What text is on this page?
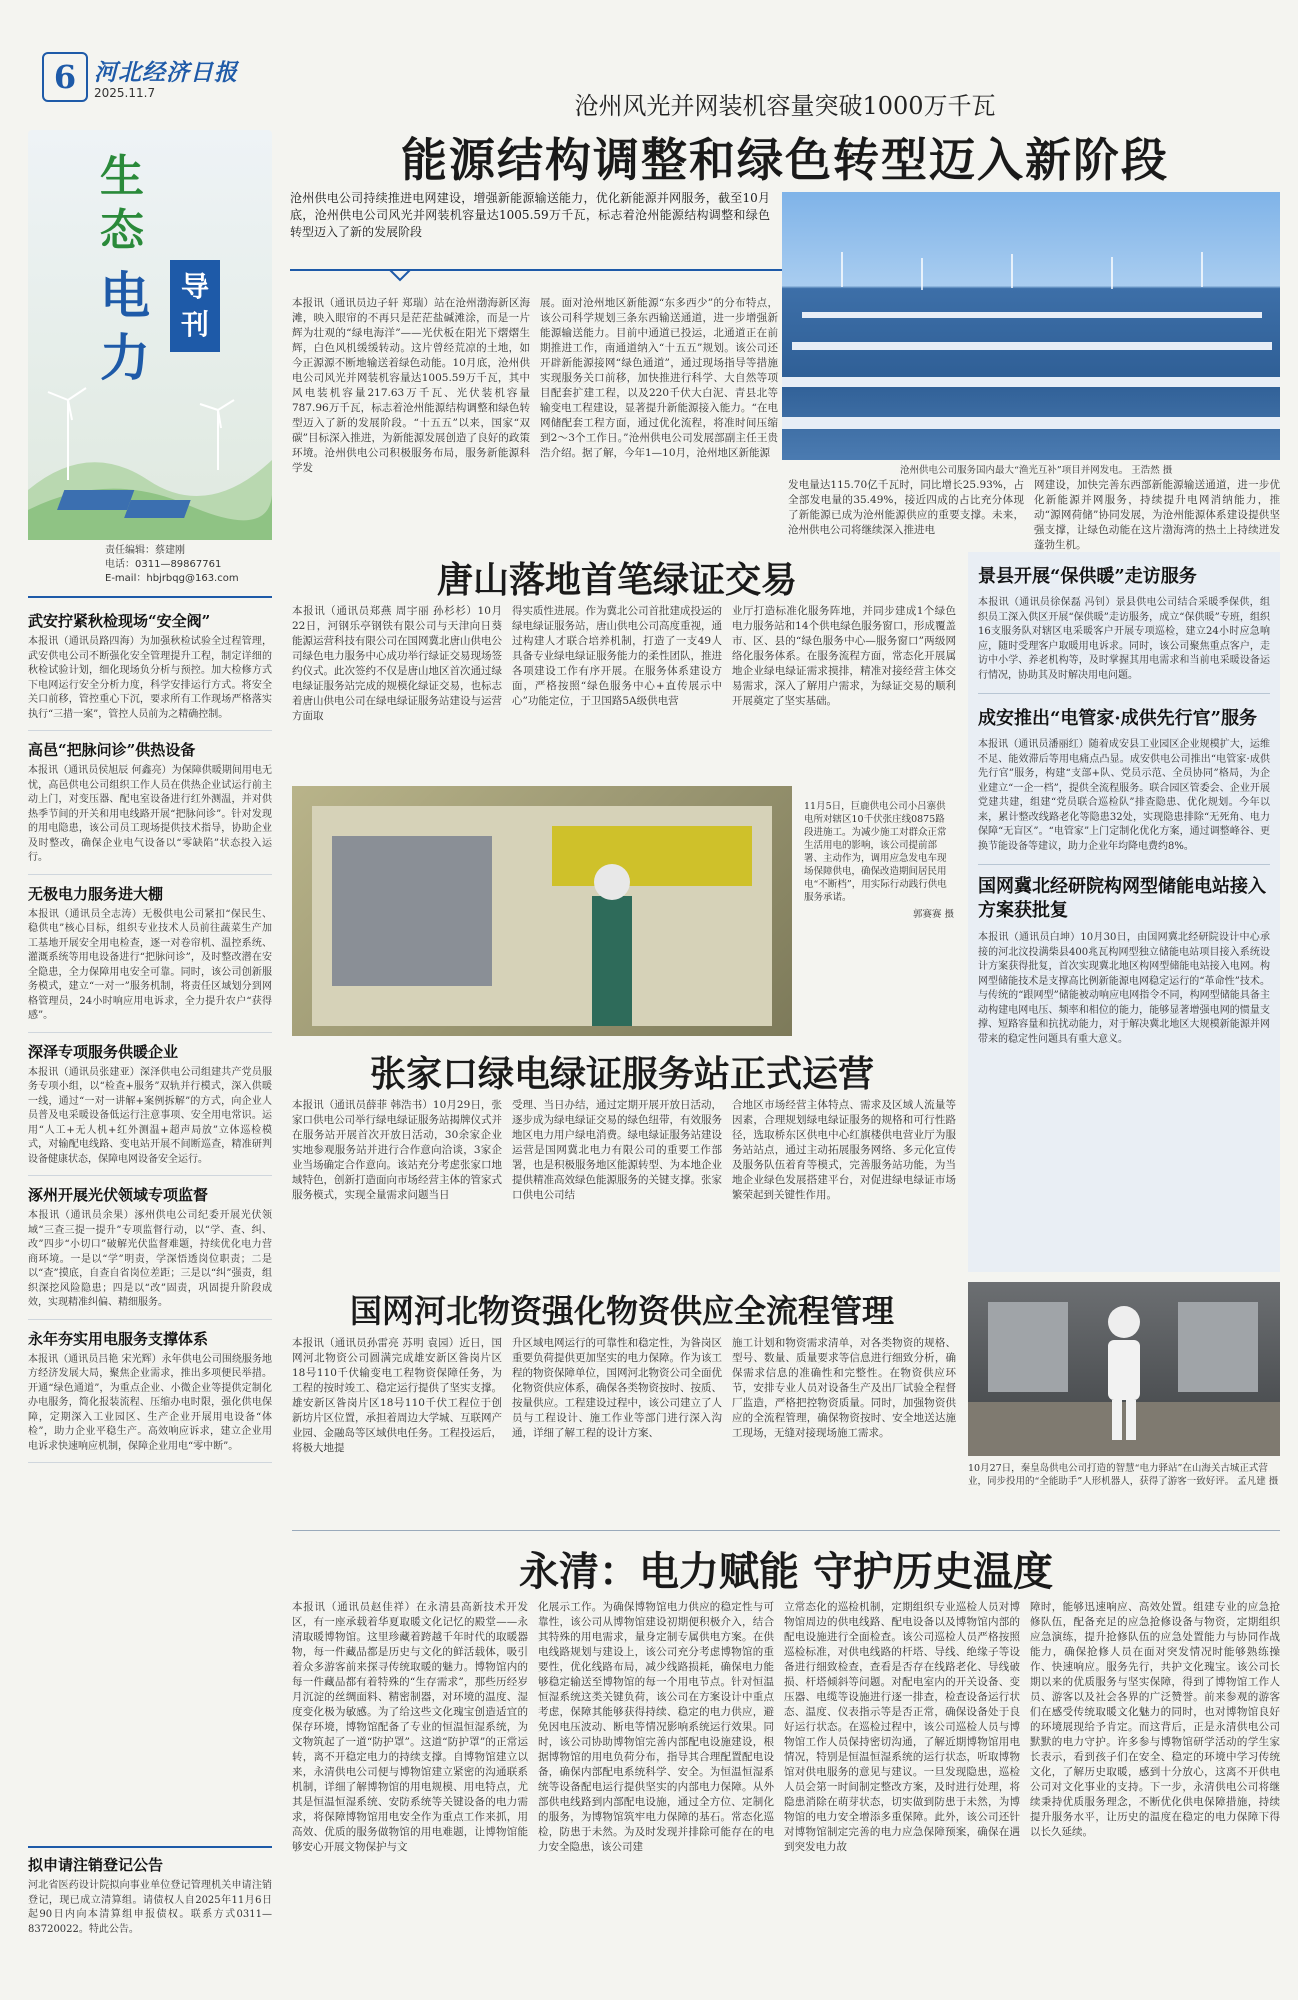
6 河北经济日报
2025.11.7
生
态
电
力
导刊
责任编辑：蔡建刚
电话：0311—89867761
E-mail：hbjrbqg@163.com
武安拧紧秋检现场“安全阀”
本报讯（通讯员路四海）为加强秋检试验全过程管理，武安供电公司不断强化安全管理提升工程，制定详细的秋检试验计划，细化现场负分析与预控。加大检修方式下电网运行安全分析力度，科学安排运行方式。将安全关口前移，管控重心下沉，要求所有工作现场严格落实执行“三措一案”，管控人员前为之精确控制。
高邑“把脉问诊”供热设备
本报讯（通讯员侯旭辰 何鑫亮）为保障供暖期间用电无忧，高邑供电公司组织工作人员在供热企业试运行前主动上门，对变压器、配电室设备进行红外测温，并对供热季节间的开关和用电线路开展“把脉问诊”。针对发现的用电隐患，该公司员工现场提供技术指导，协助企业及时整改，确保企业电气设备以“零缺陷”状态投入运行。
无极电力服务进大棚
本报讯（通讯员全志涛）无极供电公司紧扣“保民生、稳供电”核心目标，组织专业技术人员前往蔬菜生产加工基地开展安全用电检查，逐一对卷帘机、温控系统、灌溉系统等用电设备进行“把脉问诊”，及时整改潜在安全隐患，全力保障用电安全可靠。同时，该公司创新服务模式，建立“一对一”服务机制，将责任区域划分到网格管理员，24小时响应用电诉求，全力提升农户“获得感”。
深泽专项服务供暖企业
本报讯（通讯员张建亚）深泽供电公司组建共产党员服务专项小组，以“检查+服务”双轨并行模式，深入供暖一线，通过“一对一讲解+案例拆解”的方式，向企业人员普及电采暖设备低运行注意事项、安全用电常识。运用“人工+无人机+红外测温+超声局放”立体巡检模式，对输配电线路、变电站开展不间断巡查，精准研判设备健康状态，保障电网设备安全运行。
涿州开展光伏领域专项监督
本报讯（通讯员余果）涿州供电公司纪委开展光伏领域“三查三提一提升”专项监督行动，以“学、查、纠、改”四步“小切口”破解光伏监督难题，持续优化电力营商环境。一是以“学”明责，学深悟透岗位职责；二是以“查”摸底，自查自省岗位差距；三是以“纠”强责，组织深挖风险隐患；四是以“改”固责，巩固提升阶段成效，实现精准纠偏、精细服务。
永年夯实用电服务支撑体系
本报讯（通讯员吕艳 宋光辉）永年供电公司围绕服务地方经济发展大局，聚焦企业需求，推出多项便民举措。开通“绿色通道”，为重点企业、小微企业等提供定制化办电服务，简化报装流程、压缩办电时限，强化供电保障，定期深入工业园区、生产企业开展用电设备“体检”，助力企业平稳生产。高效响应诉求，建立企业用电诉求快速响应机制，保障企业用电“零中断”。
拟申请注销登记公告
河北省医药设计院拟向事业单位登记管理机关申请注销登记，现已成立清算组。请债权人自2025年11月6日起90日内向本清算组申报债权。联系方式0311—83720022。特此公告。
沧州风光并网装机容量突破1000万千瓦
能源结构调整和绿色转型迈入新阶段
沧州供电公司持续推进电网建设，增强新能源输送能力，优化新能源并网服务，截至10月底，沧州供电公司风光并网装机容量达1005.59万千瓦，标志着沧州能源结构调整和绿色转型迈入了新的发展阶段
沧州供电公司服务国内最大“渔光互补”项目并网发电。 王浩然 摄
本报讯（通讯员边子轩 郑瑞）站在沧州渤海新区海滩，映入眼帘的不再只是茫茫盐碱滩涂，而是一片辉为壮观的“绿电海洋”——光伏板在阳光下熠熠生辉，白色风机缓缓转动。这片曾经荒凉的土地，如今正源源不断地输送着绿色动能。10月底，沧州供电公司风光并网装机容量达1005.59万千瓦，其中风电装机容量217.63万千瓦、光伏装机容量787.96万千瓦，标志着沧州能源结构调整和绿色转型迈入了新的发展阶段。“十五五”以来，国家“双碳”目标深入推进，为新能源发展创造了良好的政策环境。沧州供电公司积极服务布局，服务新能源科学发
展。面对沧州地区新能源“东多西少”的分布特点，该公司科学规划三条东西输送通道，进一步增强新能源输送能力。目前中通道已投运，北通道正在前期推进工作，南通道纳入“十五五”规划。该公司还开辟新能源接网“绿色通道”，通过现场指导等措施实现服务关口前移，加快推进行科学、大自然等项目配套扩建工程，以及220千伏大白泥、青县北等输变电工程建设，显著提升新能源接入能力。“在电网储配套工程方面，通过优化流程，将准时间压缩到2～3个工作日。”沧州供电公司发展部副主任王贵浩介绍。据了解，今年1—10月，沧州地区新能源
发电量达115.70亿千瓦时，同比增长25.93%，占全部发电量的35.49%，接近四成的占比充分体现了新能源已成为沧州能源供应的重要支撑。未来，沧州供电公司将继续深入推进电
网建设，加快完善东西部新能源输送通道，进一步优化新能源并网服务，持续提升电网消纳能力，推动“源网荷储”协同发展，为沧州能源体系建设提供坚强支撑，让绿色动能在这片渤海湾的热土上持续迸发蓬勃生机。
唐山落地首笔绿证交易
本报讯（通讯员郑燕 周宇丽 孙杉杉）10月22日，河钢乐亭钢铁有限公司与天津向日葵能源运营科技有限公司在国网冀北唐山供电公司绿色电力服务中心成功举行绿证交易现场签约仪式。此次签约不仅是唐山地区首次通过绿电绿证服务站完成的规模化绿证交易，也标志着唐山供电公司在绿电绿证服务站建设与运营方面取
得实质性进展。作为冀北公司首批建成投运的绿电绿证服务站，唐山供电公司高度重视，通过构建人才联合培养机制，打造了一支49人具备专业绿电绿证服务能力的柔性团队，推进各项建设工作有序开展。在服务体系建设方面，严格按照“绿色服务中心+直传展示中心”功能定位，于卫国路5A级供电营
业厅打造标准化服务阵地，并同步建成1个绿色电力服务站和14个供电绿色服务窗口，形成覆盖市、区、县的“绿色服务中心—服务窗口”两级网络化服务体系。在服务流程方面，常态化开展属地企业绿电绿证需求摸排，精准对接经营主体交易需求，深入了解用户需求，为绿证交易的顺利开展奠定了坚实基础。
11月5日，巨鹿供电公司小吕寨供电所对辖区10千伏张庄线0875路段进施工。为减少施工对群众正常生活用电的影响，该公司提前部署、主动作为，调用应急发电车现场保障供电，确保改造期间居民用电“不断档”，用实际行动践行供电服务承诺。
郭赛赛 摄
张家口绿电绿证服务站正式运营
本报讯（通讯员薛菲 韩浩书）10月29日，张家口供电公司举行绿电绿证服务站揭牌仪式并在服务站开展首次开放日活动，30余家企业实地参观服务站并进行合作意向洽谈，3家企业当场确定合作意向。该站充分考虑张家口地域特色，创新打造面向市场经营主体的管家式服务模式，实现全量需求问题当日
受理、当日办结，通过定期开展开放日活动，逐步成为绿电绿证交易的绿色纽带，有效服务地区电力用户绿电消费。绿电绿证服务站建设运营是国网冀北电力有限公司的重要工作部署，也是积极服务地区能源转型、为本地企业提供精准高效绿色能源服务的关键支撑。张家口供电公司结
合地区市场经营主体特点、需求及区域人流量等因素，合理规划绿电绿证服务的规格和可行性路径，选取桥东区供电中心红旗楼供电营业厅为服务站站点，通过主动拓展服务网络、多元化宣传及服务队伍着育等模式，完善服务站功能，为当地企业绿色发展搭建平台，对促进绿电绿证市场繁荣起到关键性作用。
景县开展“保供暖”走访服务
本报讯（通讯员徐保磊 冯钊）景县供电公司结合采暖季保供，组织员工深入供区开展“保供暖”走访服务，成立“保供暖”专班，组织16支服务队对辖区电采暖客户开展专项巡检，建立24小时应急响应，随时受理客户取暖用电诉求。同时，该公司聚焦重点客户，走访中小学、养老机构等，及时掌握其用电需求和当前电采暖设备运行情况，协助其及时解决用电问题。
成安推出“电管家·成供先行官”服务
本报讯（通讯员潘丽红）随着成安县工业园区企业规模扩大，运维不足、能效滞后等用电痛点凸显。成安供电公司推出“电管家·成供先行官”服务，构建“支部+队、党员示范、全员协同”格局，为企业建立“一企一档”，提供全流程服务。联合园区管委会、企业开展党建共建，组建“党员联合巡检队”排查隐患、优化规划。今年以来，累计整改线路老化等隐患32处，实现隐患排除“无死角、电力保障“无盲区”。“电管家”上门定制化优化方案，通过调整峰谷、更换节能设备等建议，助力企业年均降电费约8%。
国网冀北经研院构网型储能电站接入方案获批复
本报讯（通讯员白坤）10月30日，由国网冀北经研院设计中心承接的河北汶投满柴县400兆瓦构网型独立储能电站项目接入系统设计方案获得批复，首次实现冀北地区构网型储能电站接入电网。构网型储能技术是支撑高比例新能源电网稳定运行的“革命性”技术。与传统的“跟网型”储能被动响应电网指令不同，构网型储能具备主动构建电网电压、频率和相位的能力，能够显著增强电网的惯量支撑、短路容量和抗扰动能力，对于解决冀北地区大规模新能源并网带来的稳定性问题具有重大意义。
国网河北物资强化物资供应全流程管理
本报讯（通讯员孙雷亮 苏明 袁园）近日，国网河北物资公司圆满完成雄安新区昝岗片区18号110千伏输变电工程物资保障任务，为工程的按时竣工、稳定运行提供了坚实支撑。雄安新区昝岗片区18号110千伏工程位于创新坊片区位置，承担着周边大学城、互联网产业园、金融岛等区域供电任务。工程投运后，将极大地提
升区域电网运行的可靠性和稳定性，为昝岗区重要负荷提供更加坚实的电力保障。作为该工程的物资保障单位，国网河北物资公司全面优化物资供应体系，确保各类物资按时、按质、按量供应。工程建设过程中，该公司建立了人员与工程设计、施工作业等部门进行深入沟通，详细了解工程的设计方案、
施工计划和物资需求清单，对各类物资的规格、型号、数量、质量要求等信息进行细致分析，确保需求信息的准确性和完整性。在物资供应环节，安排专业人员对设备生产及出厂试验全程督厂监造，严格把控物资质量。同时，加强物资供应的全流程管理，确保物资按时、安全地送达施工现场，无缝对接现场施工需求。
10月27日，秦皇岛供电公司打造的智慧“电力驿站”在山海关古城正式营业，同步投用的“全能助手”人形机器人，获得了游客一致好评。 孟凡建 摄
永清：电力赋能 守护历史温度
本报讯（通讯员赵佳祥）在永清县高新技术开发区，有一座承载着华夏取暖文化记忆的殿堂——永清取暖博物馆。这里珍藏着跨越千年时代的取暖器物，每一件藏品都是历史与文化的鲜活载体，吸引着众多游客前来探寻传统取暖的魅力。博物馆内的每一件藏品都有着特殊的“生存需求”，那些历经岁月沉淀的丝绸面料、精密制器，对环境的温度、湿度变化极为敏感。为了给这些文化瑰宝创造适宜的保存环境，博物馆配备了专业的恒温恒湿系统，为文物筑起了一道“防护罩”。这道“防护罩”的正常运转，离不开稳定电力的持续支撑。自博物馆建立以来，永清供电公司便与博物馆建立紧密的沟通联系机制，详细了解博物馆的用电规模、用电特点，尤其是恒温恒湿系统、安防系统等关键设备的电力需求，将保障博物馆用电安全作为重点工作来抓，用高效、优质的服务做物馆的用电难题，让博物馆能够安心开展文物保护与文
化展示工作。为确保博物馆电力供应的稳定性与可靠性，该公司从博物馆建设初期便积极介入，结合其特殊的用电需求，量身定制专属供电方案。在供电线路规划与建设上，该公司充分考虑博物馆的重要性，优化线路布局，减少线路损耗，确保电力能够稳定输送至博物馆的每一个用电节点。针对恒温恒湿系统这类关键负荷，该公司在方案设计中重点考虑，保障其能够获得持续、稳定的电力供应，避免因电压波动、断电等情况影响系统运行效果。同时，该公司协助博物馆完善内部配电设施建设，根据博物馆的用电负荷分布，指导其合理配置配电设备，确保内部配电系统科学、安全。为恒温恒湿系统等设备配电运行提供坚实的内部电力保障。从外部供电线路到内部配电设施，通过全方位、定制化的服务，为博物馆筑牢电力保障的基石。常态化巡检，防患于未然。为及时发现并排除可能存在的电力安全隐患，该公司建
立常态化的巡检机制，定期组织专业巡检人员对博物馆周边的供电线路、配电设备以及博物馆内部的配电设施进行全面检查。该公司巡检人员严格按照巡检标准，对供电线路的杆塔、导线、绝缘子等设备进行细致检查，查看是否存在线路老化、导线破损、杆塔倾斜等问题。对配电室内的开关设备、变压器、电缆等设施进行逐一排查，检查设备运行状态、温度、仪表指示等是否正常，确保设备处于良好运行状态。在巡检过程中，该公司巡检人员与博物馆工作人员保持密切沟通，了解近期博物馆用电情况，特别是恒温恒湿系统的运行状态，听取博物馆对供电服务的意见与建议。一旦发现隐患，巡检人员会第一时间制定整改方案，及时进行处理，将隐患消除在萌芽状态，切实做到防患于未然，为博物馆的电力安全增添多重保障。此外，该公司还针对博物馆制定完善的电力应急保障预案，确保在遇到突发电力故
障时，能够迅速响应、高效处置。组建专业的应急抢修队伍，配备充足的应急抢修设备与物资，定期组织应急演练，提升抢修队伍的应急处置能力与协同作战能力，确保抢修人员在面对突发情况时能够熟练操作、快速响应。服务先行，共护文化瑰宝。该公司长期以来的优质服务与坚实保障，得到了博物馆工作人员、游客以及社会各界的广泛赞誉。前来参观的游客们在感受传统取暖文化魅力的同时，也对博物馆良好的环境展现给予肯定。而这背后，正是永清供电公司默默的电力守护。许多参与博物馆研学活动的学生家长表示，看到孩子们在安全、稳定的环境中学习传统文化，了解历史取暖，感到十分放心，这离不开供电公司对文化事业的支持。下一步，永清供电公司将继续秉持优质服务理念，不断优化供电保障措施，持续提升服务水平，让历史的温度在稳定的电力保障下得以长久延续。
